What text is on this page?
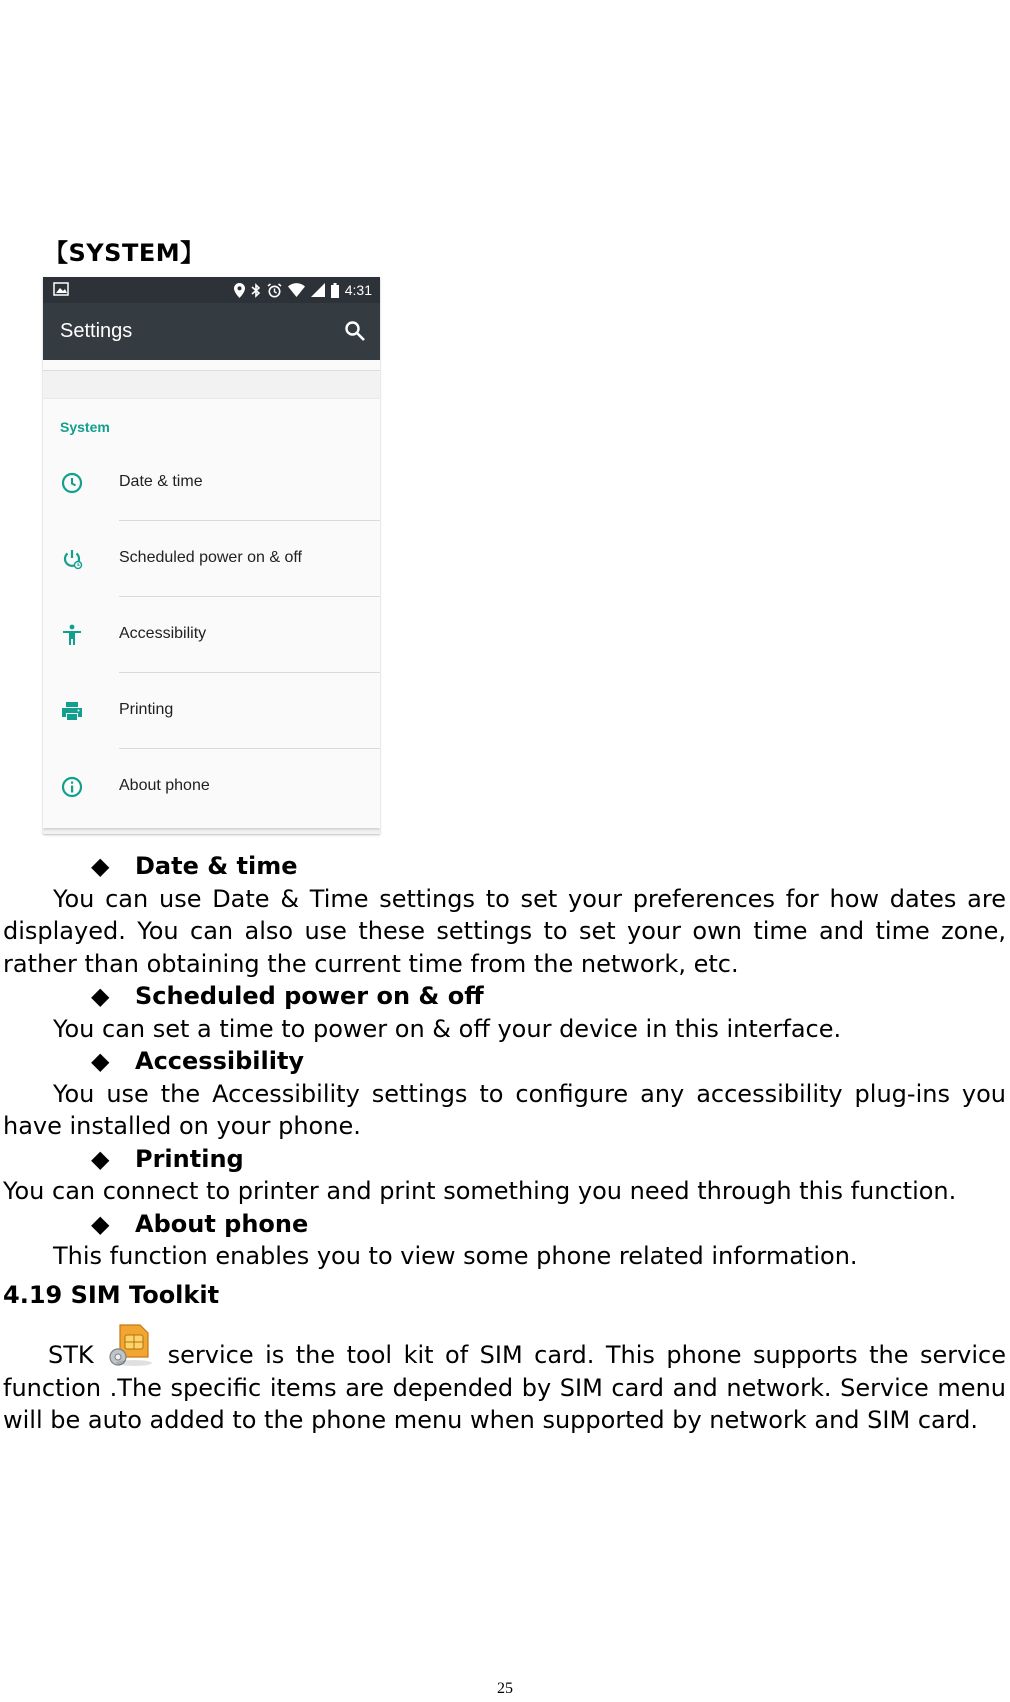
【SYSTEM】
4:31
Settings
System
Date & time
Scheduled power on & off
Accessibility
Printing
About phone

◆ Date & time

You can use Date & Time settings to set your preferences for how dates are displayed. You can also use these settings to set your own time and time zone, rather than obtaining the current time from the network, etc.

◆ Scheduled power on & off

You can set a time to power on & off your device in this interface.

◆ Accessibility

You use the Accessibility settings to configure any accessibility plug-ins you have installed on your phone.

◆ Printing

You can connect to printer and print something you need through this function.

◆ About phone

This function enables you to view some phone related information.

4.19 SIM Toolkit

STK	service is the tool kit of SIM card. This phone supports the service function .The specific items are depended by SIM card and network. Service menu will be auto added to the phone menu when supported by network and SIM card.

25
